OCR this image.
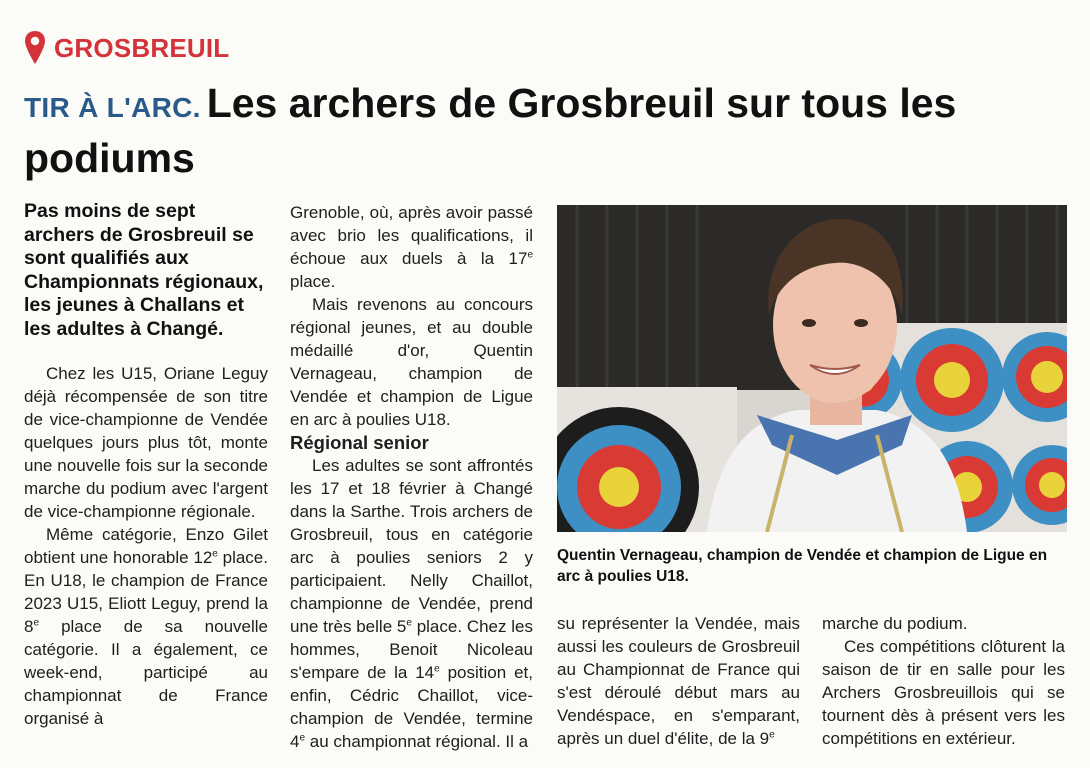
GROSBREUIL
TIR À L'ARC. Les archers de Grosbreuil sur tous les podiums
Pas moins de sept archers de Grosbreuil se sont qualifiés aux Championnats régionaux, les jeunes à Challans et les adultes à Changé.

Chez les U15, Oriane Leguy déjà récompensée de son titre de vice-championne de Vendée quelques jours plus tôt, monte une nouvelle fois sur la seconde marche du podium avec l'argent de vice-championne régionale.

Même catégorie, Enzo Gilet obtient une honorable 12e place. En U18, le champion de France 2023 U15, Eliott Leguy, prend la 8e place de sa nouvelle catégorie. Il a également, ce week-end, participé au championnat de France organisé à

Grenoble, où, après avoir passé avec brio les qualifications, il échoue aux duels à la 17e place.

Mais revenons au concours régional jeunes, et au double médaillé d'or, Quentin Vernageau, champion de Vendée et champion de Ligue en arc à poulies U18.

Régional senior

Les adultes se sont affrontés les 17 et 18 février à Changé dans la Sarthe. Trois archers de Grosbreuil, tous en catégorie arc à poulies seniors 2 y participaient. Nelly Chaillot, championne de Vendée, prend une très belle 5e place. Chez les hommes, Benoit Nicoleau s'empare de la 14e position et, enfin, Cédric Chaillot, vice-champion de Vendée, termine 4e au championnat régional. Il a

Quentin Vernageau, champion de Vendée et champion de Ligue en arc à poulies U18.

su représenter la Vendée, mais aussi les couleurs de Grosbreuil au Championnat de France qui s'est déroulé début mars au Vendéspace, en s'emparant, après un duel d'élite, de la 9e

marche du podium.

Ces compétitions clôturent la saison de tir en salle pour les Archers Grosbreuillois qui se tournent dès à présent vers les compétitions en extérieur.
